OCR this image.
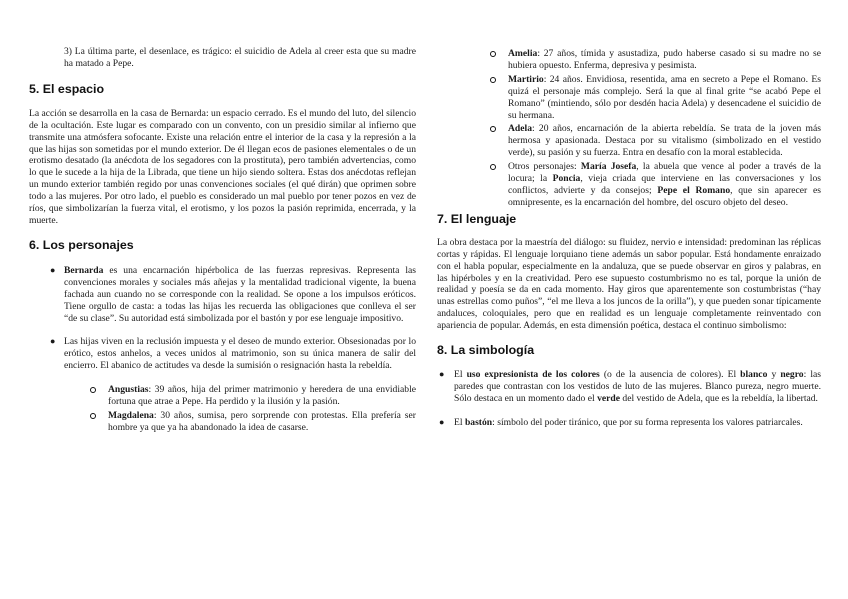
3) La última parte, el desenlace, es trágico: el suicidio de Adela al creer esta que su madre ha matado a Pepe.

5. El espacio

La acción se desarrolla en la casa de Bernarda: un espacio cerrado. Es el mundo del luto, del silencio de la ocultación. Este lugar es comparado con un convento, con un presidio similar al infierno que transmite una atmósfera sofocante. Existe una relación entre el interior de la casa y la represión a la que las hijas son sometidas por el mundo exterior. De él llegan ecos de pasiones elementales o de un erotismo desatado (la anécdota de los segadores con la prostituta), pero también advertencias, como lo que le sucede a la hija de la Librada, que tiene un hijo siendo soltera. Estas dos anécdotas reflejan un mundo exterior también regido por unas convenciones sociales (el qué dirán) que oprimen sobre todo a las mujeres. Por otro lado, el pueblo es considerado un mal pueblo por tener pozos en vez de ríos, que simbolizarían la fuerza vital, el erotismo, y los pozos la pasión reprimida, encerrada, y la muerte.

6. Los personajes
● Bernarda es una encarnación hipérbolica de las fuerzas represivas. Representa las convenciones morales y sociales más añejas y la mentalidad tradicional vigente, la buena fachada aun cuando no se corresponde con la realidad. Se opone a los impulsos eróticos. Tiene orgullo de casta: a todas las hijas les recuerda las obligaciones que conlleva el ser “de su clase”. Su autoridad está simbolizada por el bastón y por ese lenguaje impositivo.

● Las hijas viven en la reclusión impuesta y el deseo de mundo exterior. Obsesionadas por lo erótico, estos anhelos, a veces unidos al matrimonio, son su única manera de salir del encierro. El abanico de actitudes va desde la sumisión o resignación hasta la rebeldía.

Angustias: 39 años, hija del primer matrimonio y heredera de una envidiable fortuna que atrae a Pepe. Ha perdido y la ilusión y la pasión.

Magdalena: 30 años, sumisa, pero sorprende con protestas. Ella prefería ser hombre ya que ya ha abandonado la idea de casarse.

Amelia: 27 años, tímida y asustadiza, pudo haberse casado si su madre no se hubiera opuesto. Enferma, depresiva y pesimista.

Martirio: 24 años. Envidiosa, resentida, ama en secreto a Pepe el Romano. Es quizá el personaje más complejo. Será la que al final grite “se acabó Pepe el Romano” (mintiendo, sólo por desdén hacia Adela) y desencadene el suicidio de su hermana.

Adela: 20 años, encarnación de la abierta rebeldía. Se trata de la joven más hermosa y apasionada. Destaca por su vitalismo (simbolizado en el vestido verde), su pasión y su fuerza. Entra en desafío con la moral establecida.

Otros personajes: María Josefa, la abuela que vence al poder a través de la locura; la Poncia, vieja criada que interviene en las conversaciones y los conflictos, advierte y da consejos; Pepe el Romano, que sin aparecer es omnipresente, es la encarnación del hombre, del oscuro objeto del deseo.

7. El lenguaje

La obra destaca por la maestría del diálogo: su fluidez, nervio e intensidad: predominan las réplicas cortas y rápidas. El lenguaje lorquiano tiene además un sabor popular. Está hondamente enraizado con el habla popular, especialmente en la andaluza, que se puede observar en giros y palabras, en las hipérboles y en la creatividad. Pero ese supuesto costumbrismo no es tal, porque la unión de realidad y poesía se da en cada momento. Hay giros que aparentemente son costumbristas (“hay unas estrellas como puños”, “el me lleva a los juncos de la orilla”), y que pueden sonar típicamente andaluces, coloquiales, pero que en realidad es un lenguaje completamente reinventado con apariencia de popular. Además, en esta dimensión poética, destaca el continuo simbolismo:

8. La simbología
● El uso expresionista de los colores (o de la ausencia de colores). El blanco y negro: las paredes que contrastan con los vestidos de luto de las mujeres. Blanco pureza, negro muerte. Sólo destaca en un momento dado el verde del vestido de Adela, que es la rebeldía, la libertad.

● El bastón: símbolo del poder tiránico, que por su forma representa los valores patriarcales.
